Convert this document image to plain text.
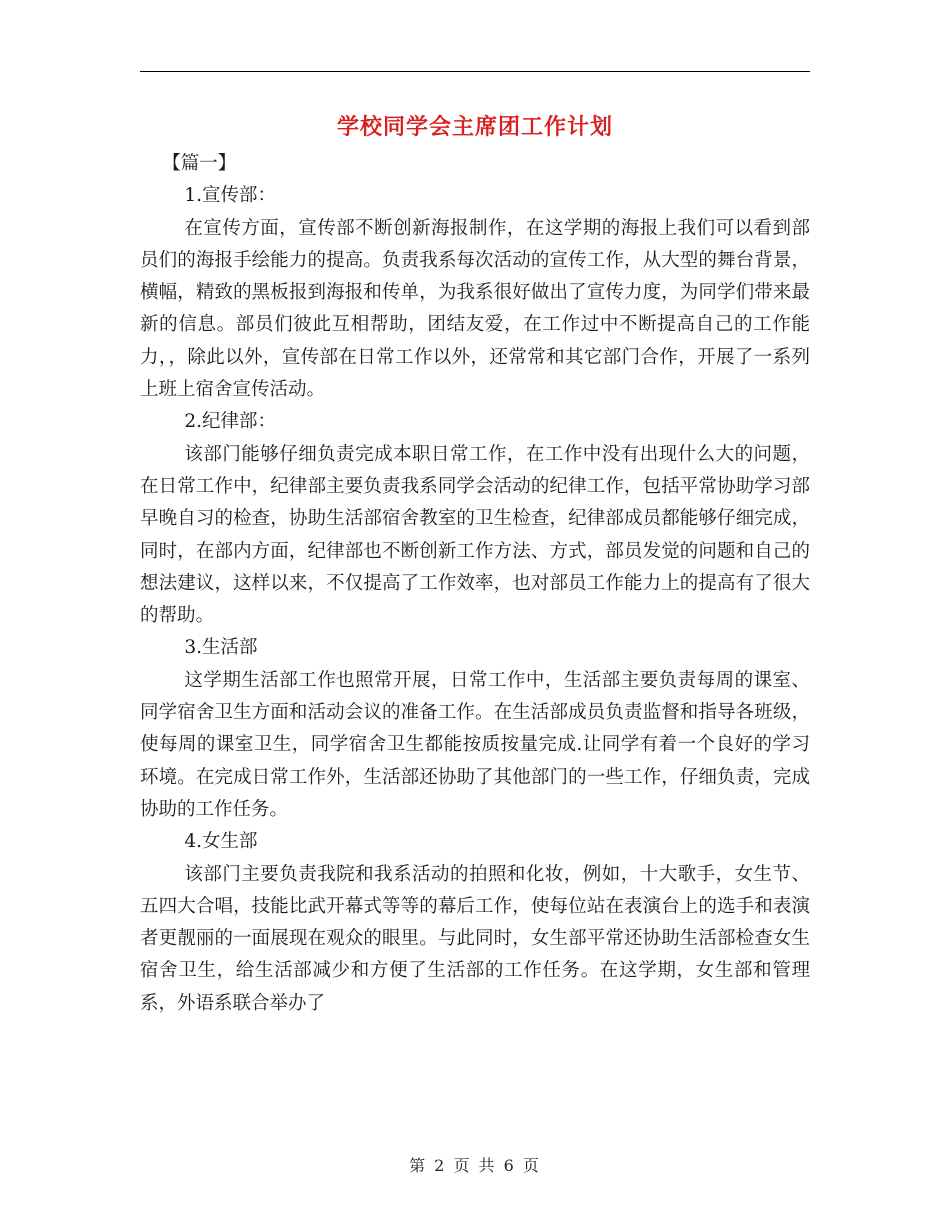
学校同学会主席团工作计划

【篇一】

1.宣传部：

在宣传方面，宣传部不断创新海报制作，在这学期的海报上我们可以看到部员们的海报手绘能力的提高。负责我系每次活动的宣传工作，从大型的舞台背景，横幅，精致的黑板报到海报和传单，为我系很好做出了宣传力度，为同学们带来最新的信息。部员们彼此互相帮助，团结友爱，在工作过中不断提高自己的工作能力，，除此以外，宣传部在日常工作以外，还常常和其它部门合作，开展了一系列上班上宿舍宣传活动。

2.纪律部：

该部门能够仔细负责完成本职日常工作，在工作中没有出现什么大的问题，在日常工作中，纪律部主要负责我系同学会活动的纪律工作，包括平常协助学习部早晚自习的检查，协助生活部宿舍教室的卫生检查，纪律部成员都能够仔细完成，同时，在部内方面，纪律部也不断创新工作方法、方式，部员发觉的问题和自己的想法建议，这样以来，不仅提高了工作效率，也对部员工作能力上的提高有了很大的帮助。

3.生活部

这学期生活部工作也照常开展，日常工作中，生活部主要负责每周的课室、同学宿舍卫生方面和活动会议的准备工作。在生活部成员负责监督和指导各班级，使每周的课室卫生，同学宿舍卫生都能按质按量完成.让同学有着一个良好的学习环境。在完成日常工作外，生活部还协助了其他部门的一些工作，仔细负责，完成协助的工作任务。

4.女生部

该部门主要负责我院和我系活动的拍照和化妆，例如，十大歌手，女生节、五四大合唱，技能比武开幕式等等的幕后工作，使每位站在表演台上的选手和表演者更靓丽的一面展现在观众的眼里。与此同时，女生部平常还协助生活部检查女生宿舍卫生，给生活部减少和方便了生活部的工作任务。在这学期，女生部和管理系，外语系联合举办了

第 2 页 共 6 页
